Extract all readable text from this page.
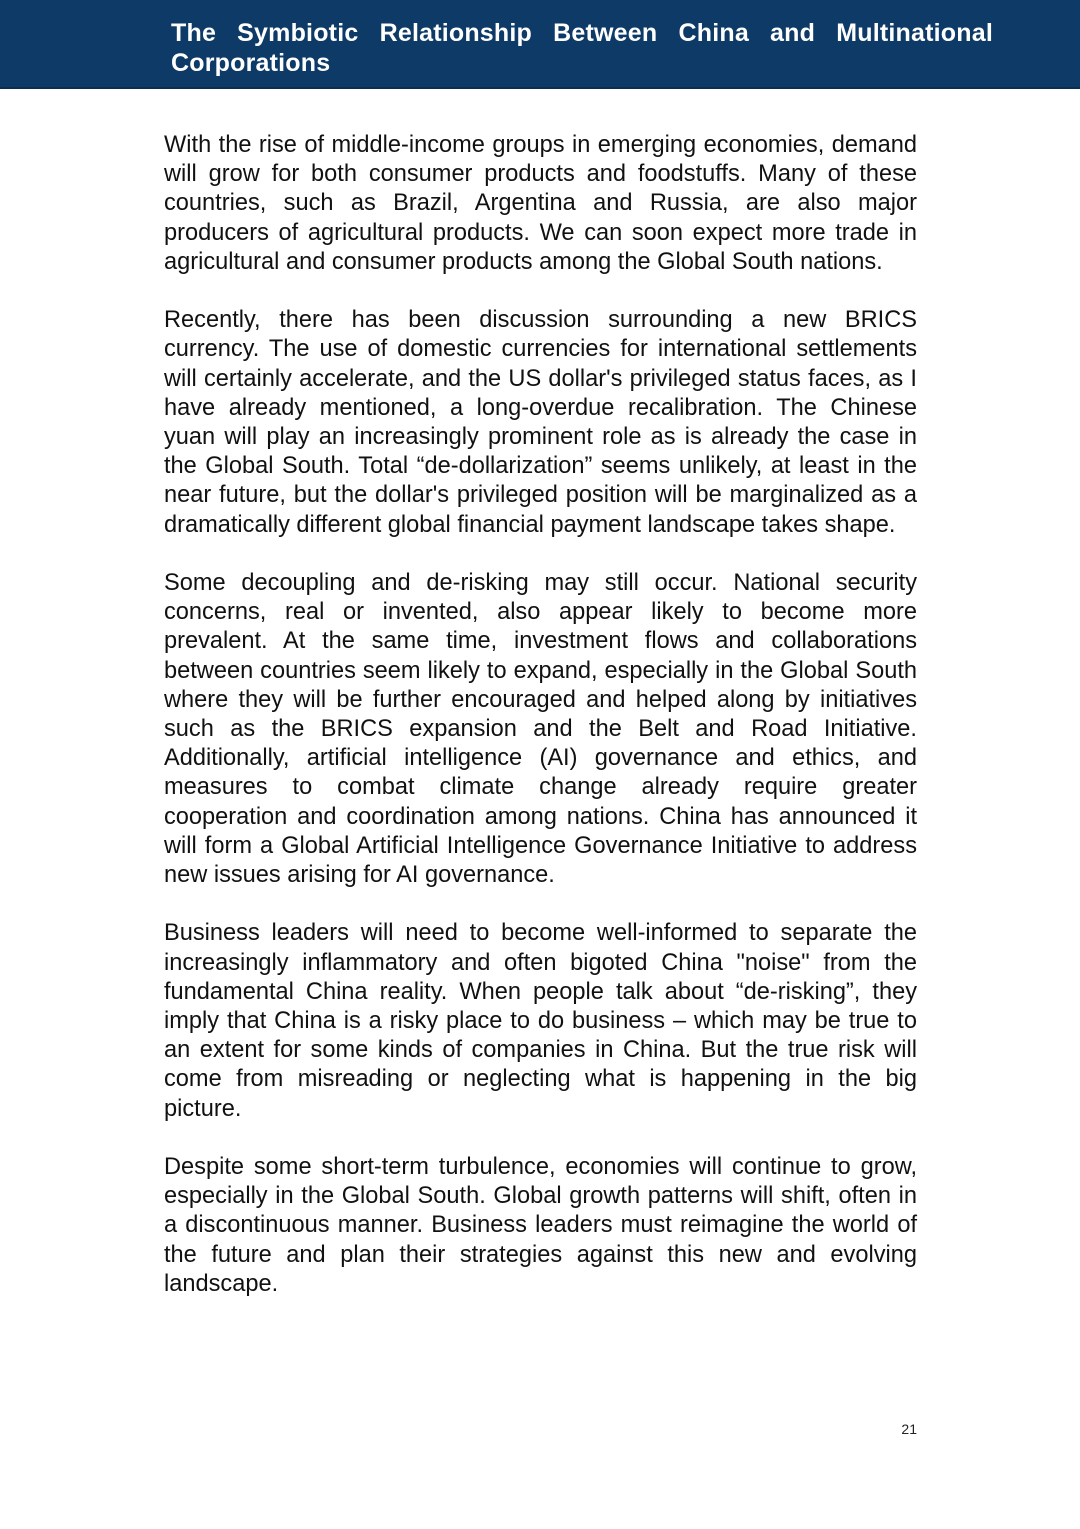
The Symbiotic Relationship Between China and Multinational Corporations

With the rise of middle-income groups in emerging economies, demand will grow for both consumer products and foodstuffs. Many of these countries, such as Brazil, Argentina and Russia, are also major producers of agricultural products. We can soon expect more trade in agricultural and consumer products among the Global South nations.

Recently, there has been discussion surrounding a new BRICS currency. The use of domestic currencies for international settlements will certainly accelerate, and the US dollar's privileged status faces, as I have already mentioned, a long-overdue recalibration. The Chinese yuan will play an increasingly prominent role as is already the case in the Global South. Total “de-dollarization” seems unlikely, at least in the near future, but the dollar's privileged position will be marginalized as a dramatically different global financial payment landscape takes shape.

Some decoupling and de-risking may still occur. National security concerns, real or invented, also appear likely to become more prevalent. At the same time, investment flows and collaborations between countries seem likely to expand, especially in the Global South where they will be further encouraged and helped along by initiatives such as the BRICS expansion and the Belt and Road Initiative. Additionally, artificial intelligence (AI) governance and ethics, and measures to combat climate change already require greater cooperation and coordination among nations. China has announced it will form a Global Artificial Intelligence Governance Initiative to address new issues arising for AI governance.

Business leaders will need to become well-informed to separate the increasingly inflammatory and often bigoted China "noise" from the fundamental China reality. When people talk about “de-risking”, they imply that China is a risky place to do business – which may be true to an extent for some kinds of companies in China. But the true risk will come from misreading or neglecting what is happening in the big picture.

Despite some short-term turbulence, economies will continue to grow, especially in the Global South. Global growth patterns will shift, often in a discontinuous manner. Business leaders must reimagine the world of the future and plan their strategies against this new and evolving landscape.

21
